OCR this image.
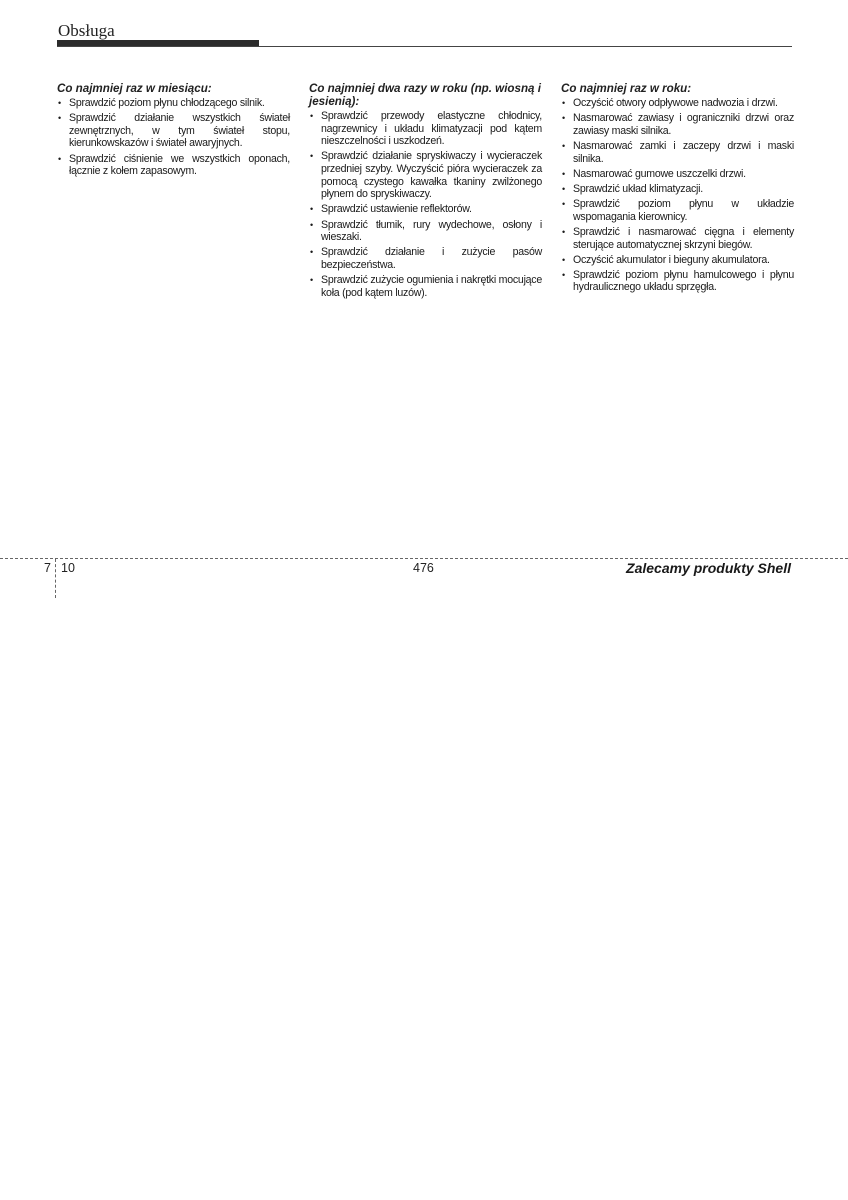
Obsługa
Co najmniej raz w miesiącu:
• Sprawdzić poziom płynu chłodzącego silnik.
• Sprawdzić działanie wszystkich świateł zewnętrznych, w tym świateł stopu, kierunkowskazów i świateł awaryjnych.
• Sprawdzić ciśnienie we wszystkich oponach, łącznie z kołem zapasowym.
Co najmniej dwa razy w roku (np. wiosną i jesienią):
• Sprawdzić przewody elastyczne chłodnicy, nagrzewnicy i układu klimatyzacji pod kątem nieszczelności i uszkodzeń.
• Sprawdzić działanie spryskiwaczy i wycieraczek przedniej szyby. Wyczyścić pióra wycieraczek za pomocą czystego kawałka tkaniny zwilżonego płynem do spryskiwaczy.
• Sprawdzić ustawienie reflektorów.
• Sprawdzić tłumik, rury wydechowe, osłony i wieszaki.
• Sprawdzić działanie i zużycie pasów bezpieczeństwa.
• Sprawdzić zużycie ogumienia i nakrętki mocujące koła (pod kątem luzów).
Co najmniej raz w roku:
• Oczyścić otwory odpływowe nadwozia i drzwi.
• Nasmarować zawiasy i ograniczniki drzwi oraz zawiasy maski silnika.
• Nasmarować zamki i zaczepy drzwi i maski silnika.
• Nasmarować gumowe uszczelki drzwi.
• Sprawdzić układ klimatyzacji.
• Sprawdzić poziom płynu w układzie wspomagania kierownicy.
• Sprawdzić i nasmarować cięgna i elementy sterujące automatycznej skrzyni biegów.
• Oczyścić akumulator i bieguny akumulatora.
• Sprawdzić poziom płynu hamulcowego i płynu hydraulicznego układu sprzęgła.
7 10	476	Zalecamy produkty Shell
